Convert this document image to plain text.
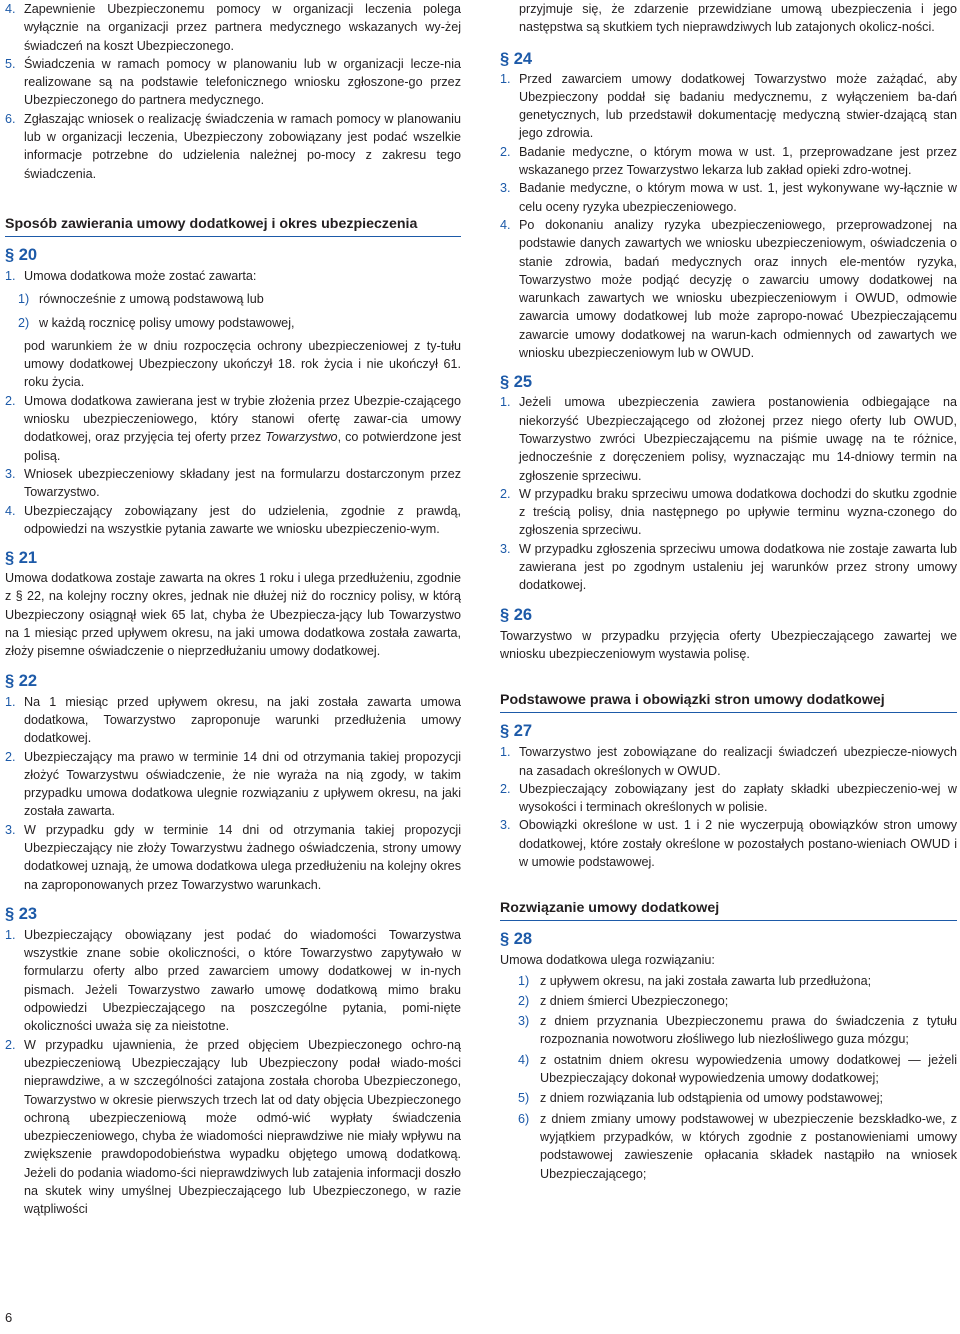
4. Zapewnienie Ubezpieczonemu pomocy w organizacji leczenia polega wyłącznie na organizacji przez partnera medycznego wskazanych wy-żej świadczeń na koszt Ubezpieczonego.

5. Świadczenia w ramach pomocy w planowaniu lub w organizacji lecze-nia realizowane są na podstawie telefonicznego wniosku zgłoszone-go przez Ubezpieczonego do partnera medycznego.

6. Zgłaszając wniosek o realizację świadczenia w ramach pomocy w planowaniu lub w organizacji leczenia, Ubezpieczony zobowiązany jest podać wszelkie informacje potrzebne do udzielenia należnej po-mocy z zakresu tego świadczenia.

Sposób zawierania umowy dodatkowej i okres ubezpieczenia

§ 20

1. Umowa dodatkowa może zostać zawarta:

1) równocześnie z umową podstawową lub

2) w każdą rocznicę polisy umowy podstawowej,

pod warunkiem że w dniu rozpoczęcia ochrony ubezpieczeniowej z ty-tułu umowy dodatkowej Ubezpieczony ukończył 18. rok życia i nie ukończył 61. roku życia.

2. Umowa dodatkowa zawierana jest w trybie złożenia przez Ubezpie-czającego wniosku ubezpieczeniowego, który stanowi ofertę zawar-cia umowy dodatkowej, oraz przyjęcia tej oferty przez Towarzystwo, co potwierdzone jest polisą.

3. Wniosek ubezpieczeniowy składany jest na formularzu dostarczonym przez Towarzystwo.

4. Ubezpieczający zobowiązany jest do udzielenia, zgodnie z prawdą, odpowiedzi na wszystkie pytania zawarte we wniosku ubezpieczenio-wym.

§ 21

Umowa dodatkowa zostaje zawarta na okres 1 roku i ulega przedłużeniu, zgodnie z § 22, na kolejny roczny okres, jednak nie dłużej niż do rocznicy polisy, w którą Ubezpieczony osiągnął wiek 65 lat, chyba że Ubezpiecza-jący lub Towarzystwo na 1 miesiąc przed upływem okresu, na jaki umowa dodatkowa została zawarta, złoży pisemne oświadczenie o nieprzedłużaniu umowy dodatkowej.

§ 22

1. Na 1 miesiąc przed upływem okresu, na jaki została zawarta umowa dodatkowa, Towarzystwo zaproponuje warunki przedłużenia umowy dodatkowej.

2. Ubezpieczający ma prawo w terminie 14 dni od otrzymania takiej propozycji złożyć Towarzystwu oświadczenie, że nie wyraża na nią zgody, w takim przypadku umowa dodatkowa ulegnie rozwiązaniu z upływem okresu, na jaki została zawarta.

3. W przypadku gdy w terminie 14 dni od otrzymania takiej propozycji Ubezpieczający nie złoży Towarzystwu żadnego oświadczenia, strony umowy dodatkowej uznają, że umowa dodatkowa ulega przedłużeniu na kolejny okres na zaproponowanych przez Towarzystwo warunkach.

§ 23

1. Ubezpieczający obowiązany jest podać do wiadomości Towarzystwa wszystkie znane sobie okoliczności, o które Towarzystwo zapytywało w formularzu oferty albo przed zawarciem umowy dodatkowej w in-nych pismach. Jeżeli Towarzystwo zawarło umowę dodatkową mimo braku odpowiedzi Ubezpieczającego na poszczególne pytania, pomi-nięte okoliczności uważa się za nieistotne.

2. W przypadku ujawnienia, że przed objęciem Ubezpieczonego ochro-ną ubezpieczeniową Ubezpieczający lub Ubezpieczony podał wiado-mości nieprawdziwe, a w szczególności zatajona została choroba Ubezpieczonego, Towarzystwo w okresie pierwszych trzech lat od daty objęcia Ubezpieczonego ochroną ubezpieczeniową może odmó-wić wypłaty świadczenia ubezpieczeniowego, chyba że wiadomości nieprawdziwe nie miały wpływu na zwiększenie prawdopodobieństwa wypadku objętego umową dodatkową. Jeżeli do podania wiadomo-ści nieprawdziwych lub zatajenia informacji doszło na skutek winy umyślnej Ubezpieczającego lub Ubezpieczonego, w razie wątpliwości

przyjmuje się, że zdarzenie przewidziane umową ubezpieczenia i jego następstwa są skutkiem tych nieprawdziwych lub zatajonych okolicz-ności.

§ 24

1. Przed zawarciem umowy dodatkowej Towarzystwo może zażądać, aby Ubezpieczony poddał się badaniu medycznemu, z wyłączeniem ba-dań genetycznych, lub przedstawił dokumentację medyczną stwier-dzającą stan jego zdrowia.

2. Badanie medyczne, o którym mowa w ust. 1, przeprowadzane jest przez wskazanego przez Towarzystwo lekarza lub zakład opieki zdro-wotnej.

3. Badanie medyczne, o którym mowa w ust. 1, jest wykonywane wy-łącznie w celu oceny ryzyka ubezpieczeniowego.

4. Po dokonaniu analizy ryzyka ubezpieczeniowego, przeprowadzonej na podstawie danych zawartych we wniosku ubezpieczeniowym, oświadczenia o stanie zdrowia, badań medycznych oraz innych ele-mentów ryzyka, Towarzystwo może podjąć decyzję o zawarciu umowy dodatkowej na warunkach zawartych we wniosku ubezpieczeniowym i OWUD, odmowie zawarcia umowy dodatkowej lub może zapropo-nować Ubezpieczającemu zawarcie umowy dodatkowej na warun-kach odmiennych od zawartych we wniosku ubezpieczeniowym lub w OWUD.

§ 25

1. Jeżeli umowa ubezpieczenia zawiera postanowienia odbiegające na niekorzyść Ubezpieczającego od złożonej przez niego oferty lub OWUD, Towarzystwo zwróci Ubezpieczającemu na piśmie uwagę na te różnice, jednocześnie z doręczeniem polisy, wyznaczając mu 14-dniowy termin na zgłoszenie sprzeciwu.

2. W przypadku braku sprzeciwu umowa dodatkowa dochodzi do skutku zgodnie z treścią polisy, dnia następnego po upływie terminu wyzna-czonego do zgłoszenia sprzeciwu.

3. W przypadku zgłoszenia sprzeciwu umowa dodatkowa nie zostaje zawarta lub zawierana jest po zgodnym ustaleniu jej warunków przez strony umowy dodatkowej.

§ 26

Towarzystwo w przypadku przyjęcia oferty Ubezpieczającego zawartej we wniosku ubezpieczeniowym wystawia polisę.

Podstawowe prawa i obowiązki stron umowy dodatkowej

§ 27

1. Towarzystwo jest zobowiązane do realizacji świadczeń ubezpiecze-niowych na zasadach określonych w OWUD.

2. Ubezpieczający zobowiązany jest do zapłaty składki ubezpieczenio-wej w wysokości i terminach określonych w polisie.

3. Obowiązki określone w ust. 1 i 2 nie wyczerpują obowiązków stron umowy dodatkowej, które zostały określone w pozostałych postano-wieniach OWUD i w umowie podstawowej.

Rozwiązanie umowy dodatkowej

§ 28

Umowa dodatkowa ulega rozwiązaniu:

1) z upływem okresu, na jaki została zawarta lub przedłużona;

2) z dniem śmierci Ubezpieczonego;

3) z dniem przyznania Ubezpieczonemu prawa do świadczenia z tytułu rozpoznania nowotworu złośliwego lub niezłośliwego guza mózgu;

4) z ostatnim dniem okresu wypowiedzenia umowy dodatkowej — jeżeli Ubezpieczający dokonał wypowiedzenia umowy dodatkowej;

5) z dniem rozwiązania lub odstąpienia od umowy podstawowej;

6) z dniem zmiany umowy podstawowej w ubezpieczenie bezskładko-we, z wyjątkiem przypadków, w których zgodnie z postanowieniami umowy podstawowej zawieszenie opłacania składek nastąpiło na wniosek Ubezpieczającego;

6
